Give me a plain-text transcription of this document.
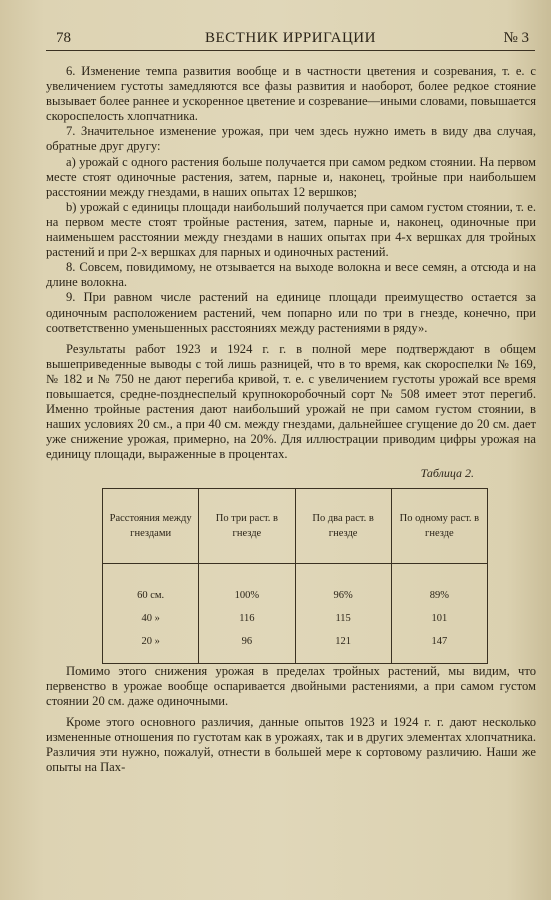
78	ВЕСТНИК ИРРИГАЦИИ	№ 3

6. Изменение темпа развития вообще и в частности цветения и созревания, т. е. с увеличением густоты замедляются все фазы развития и наоборот, более редкое стояние вызывает более раннее и ускоренное цветение и созревание—иными словами, повышается скороспелость хлопчатника.

7. Значительное изменение урожая, при чем здесь нужно иметь в виду два случая, обратные друг другу:

а) урожай с одного растения больше получается при самом редком стоянии. На первом месте стоят одиночные растения, затем, парные и, наконец, тройные при наибольшем расстоянии между гнездами, в наших опытах 12 вершков;

b) урожай с единицы площади наибольший получается при самом густом стоянии, т. е. на первом месте стоят тройные растения, затем, парные и, наконец, одиночные при наименьшем расстоянии между гнездами в наших опытах при 4-х вершках для тройных растений и при 2-х вершках для парных и одиночных растений.

8. Совсем, повидимому, не отзывается на выходе волокна и весе семян, а отсюда и на длине волокна.

9. При равном числе растений на единице площади преимущество остается за одиночным расположением растений, чем попарно или по три в гнезде, конечно, при соответственно уменьшенных расстояниях между растениями в ряду».

Результаты работ 1923 и 1924 г. г. в полной мере подтверждают в общем вышеприведенные выводы с той лишь разницей, что в то время, как скороспелки № 169, № 182 и № 750 не дают перегиба кривой, т. е. с увеличением густоты урожай все время повышается, средне-позднеспелый крупнокоробочный сорт № 508 имеет этот перегиб. Именно тройные растения дают наибольший урожай не при самом густом стоянии, в наших условиях 20 см., а при 40 см. между гнездами, дальнейшее сгущение до 20 см. дает уже снижение урожая, примерно, на 20%. Для иллюстрации приводим цифры урожая на единицу площади, выраженные в процентах.

Таблица 2.
Расстояния между гнездами	По три раст. в гнезде	По два раст. в гнезде	По одному раст. в гнезде
60 см.	100%	96%	89%
40 »	116	115	101
20 »	96	121	147

Помимо этого снижения урожая в пределах тройных растений, мы видим, что первенство в урожае вообще оспаривается двойными растениями, а при самом густом стоянии 20 см. даже одиночными.

Кроме этого основного различия, данные опытов 1923 и 1924 г. г. дают несколько измененные отношения по густотам как в урожаях, так и в других элементах хлопчатника. Различия эти нужно, пожалуй, отнести в большей мере к сортовому различию. Наши же опыты на Пах-
